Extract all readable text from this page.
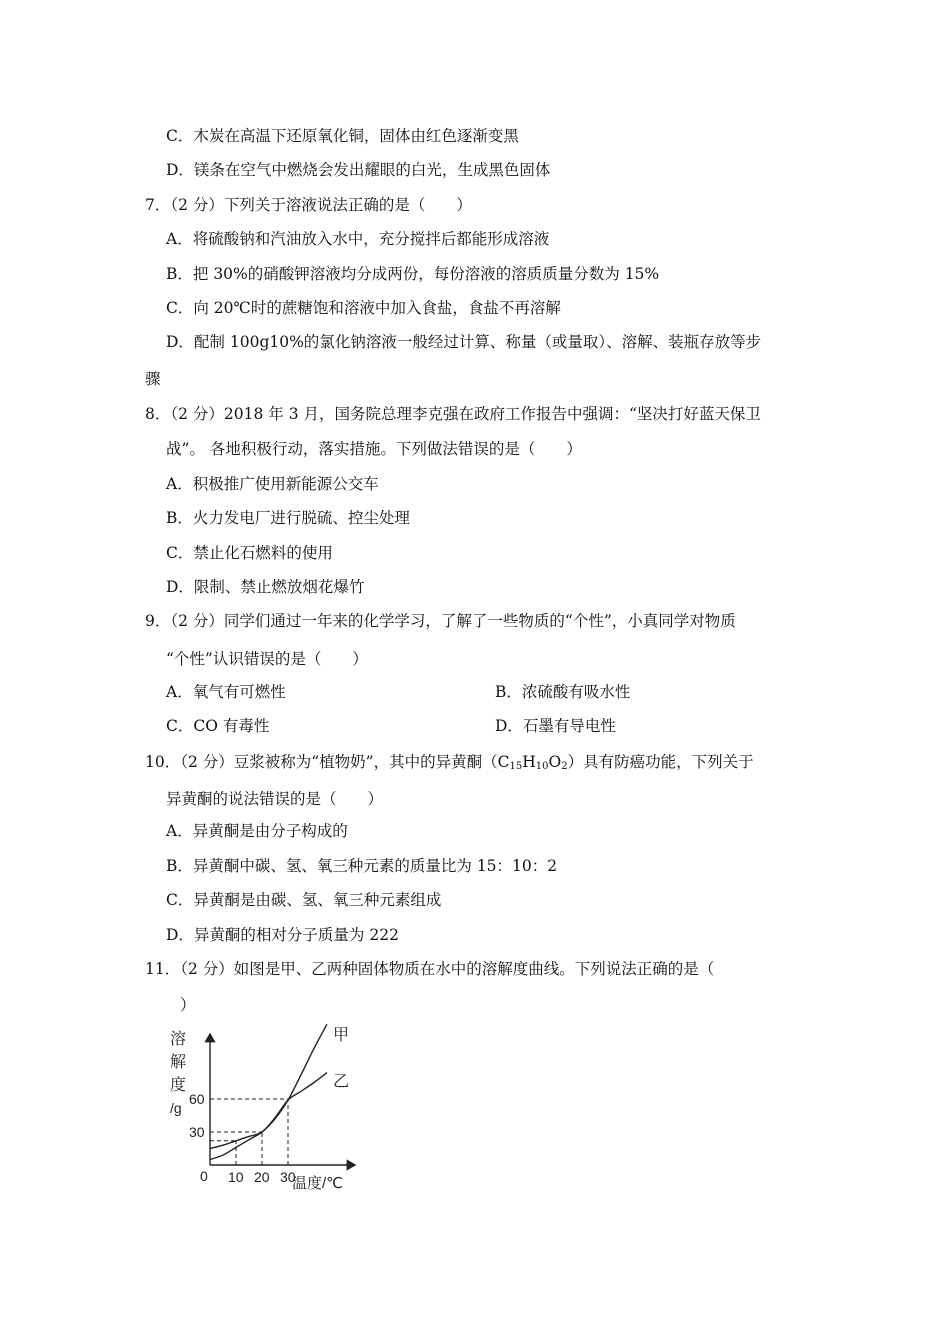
C．木炭在高温下还原氧化铜，固体由红色逐渐变黑
D．镁条在空气中燃烧会发出耀眼的白光，生成黑色固体
7．（2 分）下列关于溶液说法正确的是（　　）
A．将硫酸钠和汽油放入水中，充分搅拌后都能形成溶液
B．把 30%的硝酸钾溶液均分成两份，每份溶液的溶质质量分数为 15%
C．向 20℃时的蔗糖饱和溶液中加入食盐，食盐不再溶解
D．配制 100g10%的氯化钠溶液一般经过计算、称量（或量取）、溶解、装瓶存放等步
骤
8．（2 分）2018 年 3 月，国务院总理李克强在政府工作报告中强调：“坚决打好蓝天保卫
战”。 各地积极行动，落实措施。下列做法错误的是（　　）
A．积极推广使用新能源公交车
B．火力发电厂进行脱硫、控尘处理
C．禁止化石燃料的使用
D．限制、禁止燃放烟花爆竹
9．（2 分）同学们通过一年来的化学学习，了解了一些物质的“个性”，小真同学对物质
“个性”认识错误的是（　　）
A．氧气有可燃性	B．浓硫酸有吸水性
C．CO 有毒性	D．石墨有导电性
10．（2 分）豆浆被称为“植物奶”，其中的异黄酮$(C_{15}H_{10}O_2)$具有防癌功能，下列关于
异黄酮的说法错误的是（　　）
A．异黄酮是由分子构成的
B．异黄酮中碳、氢、氧三种元素的质量比为 15：10：2
C．异黄酮是由碳、氢、氧三种元素组成
D．异黄酮的相对分子质量为 222
11．（2 分）如图是甲、乙两种固体物质在水中的溶解度曲线。下列说法正确的是（
）
甲
乙
溶
解
度
/g
30
60
10 20 30
0	温度/℃
